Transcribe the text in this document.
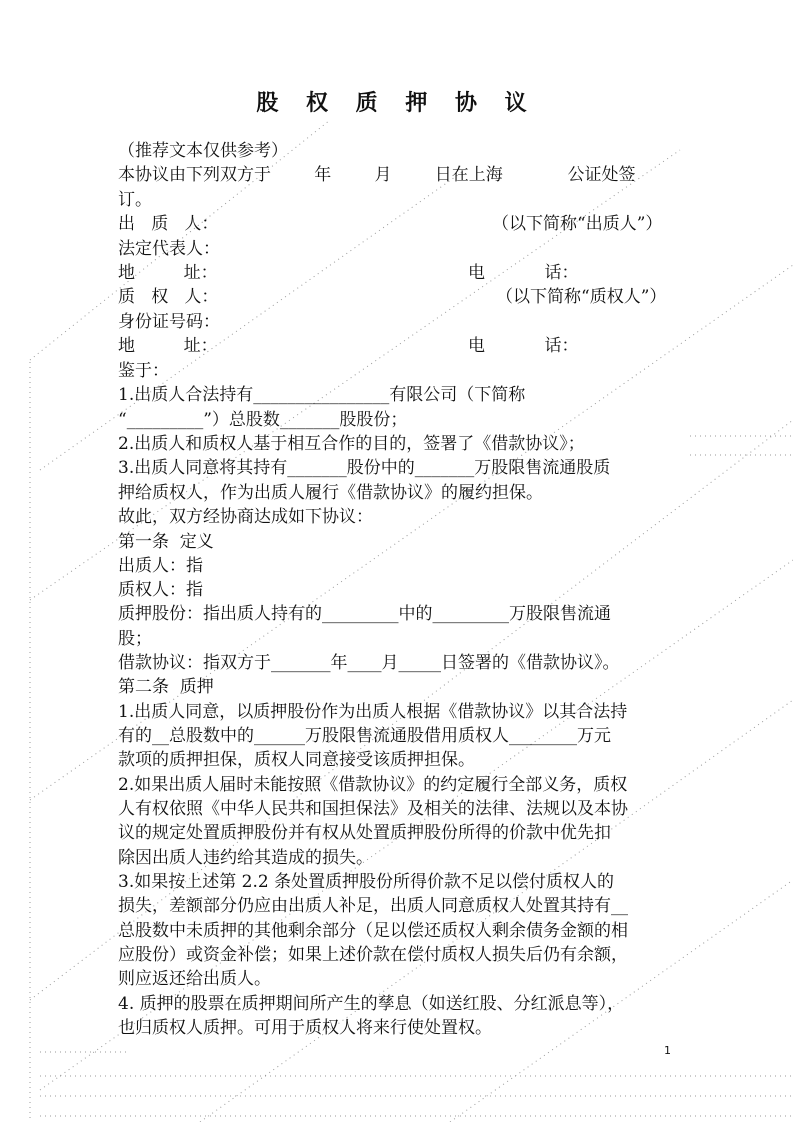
股 权 质 押 协 议
（推荐文本仅供参考）
本协议由下列双方于        年        月        日在上海            公证处签
订。
出   质   人：
法定代表人：
地         址：
质   权   人：
身份证号码：
地         址：
鉴于：
1.出质人合法持有________________有限公司（下简称
“_________”）总股数_______股股份；
2.出质人和质权人基于相互合作的目的，签署了《借款协议》；
3.出质人同意将其持有_______股份中的_______万股限售流通股质
押给质权人，作为出质人履行《借款协议》的履约担保。
故此，双方经协商达成如下协议：
第一条  定义
出质人：指
质权人：指
质押股份：指出质人持有的_________中的_________万股限售流通
股；
借款协议：指双方于_______年____月_____日签署的《借款协议》。
第二条  质押
1.出质人同意，以质押股份作为出质人根据《借款协议》以其合法持
有的__总股数中的______万股限售流通股借用质权人________万元
款项的质押担保，质权人同意接受该质押担保。
2.如果出质人届时未能按照《借款协议》的约定履行全部义务，质权
人有权依照《中华人民共和国担保法》及相关的法律、法规以及本协
议的规定处置质押股份并有权从处置质押股份所得的价款中优先扣
除因出质人违约给其造成的损失。
3.如果按上述第 2.2 条处置质押股份所得价款不足以偿付质权人的
损失，差额部分仍应由出质人补足，出质人同意质权人处置其持有__
总股数中未质押的其他剩余部分（足以偿还质权人剩余债务金额的相
应股份）或资金补偿；如果上述价款在偿付质权人损失后仍有余额，
则应返还给出质人。
4. 质押的股票在质押期间所产生的孳息（如送红股、分红派息等），
也归质权人质押。可用于质权人将来行使处置权。
（以下简称“出质人”）
电           话：
（以下简称“质权人”）
电           话：
1
